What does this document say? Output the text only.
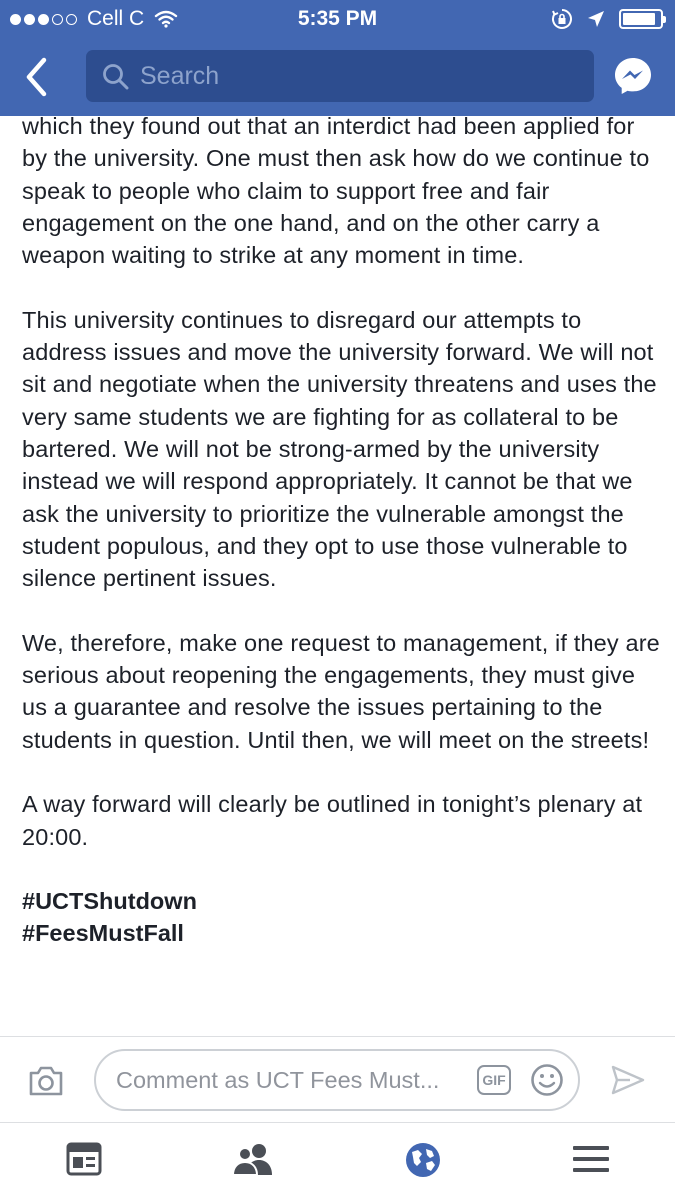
Cell C	5:35 PM
Search

which they found out that an interdict had been applied for by the university. One must then ask how do we continue to speak to people who claim to support free and fair engagement on the one hand, and on the other carry a weapon waiting to strike at any moment in time.

This university continues to disregard our attempts to address issues and move the university forward. We will not sit and negotiate when the university threatens and uses the very same students we are fighting for as collateral to be bartered. We will not be strong-armed by the university instead we will respond appropriately. It cannot be that we ask the university to prioritize the vulnerable amongst the student populous, and they opt to use those vulnerable to silence pertinent issues.

We, therefore, make one request to management, if they are serious about reopening the engagements, they must give us a guarantee and resolve the issues pertaining to the students in question. Until then, we will meet on the streets!

A way forward will clearly be outlined in tonight’s plenary at 20:00.

#UCTShutdown
#FeesMustFall
Comment as UCT Fees Must...	GIF
